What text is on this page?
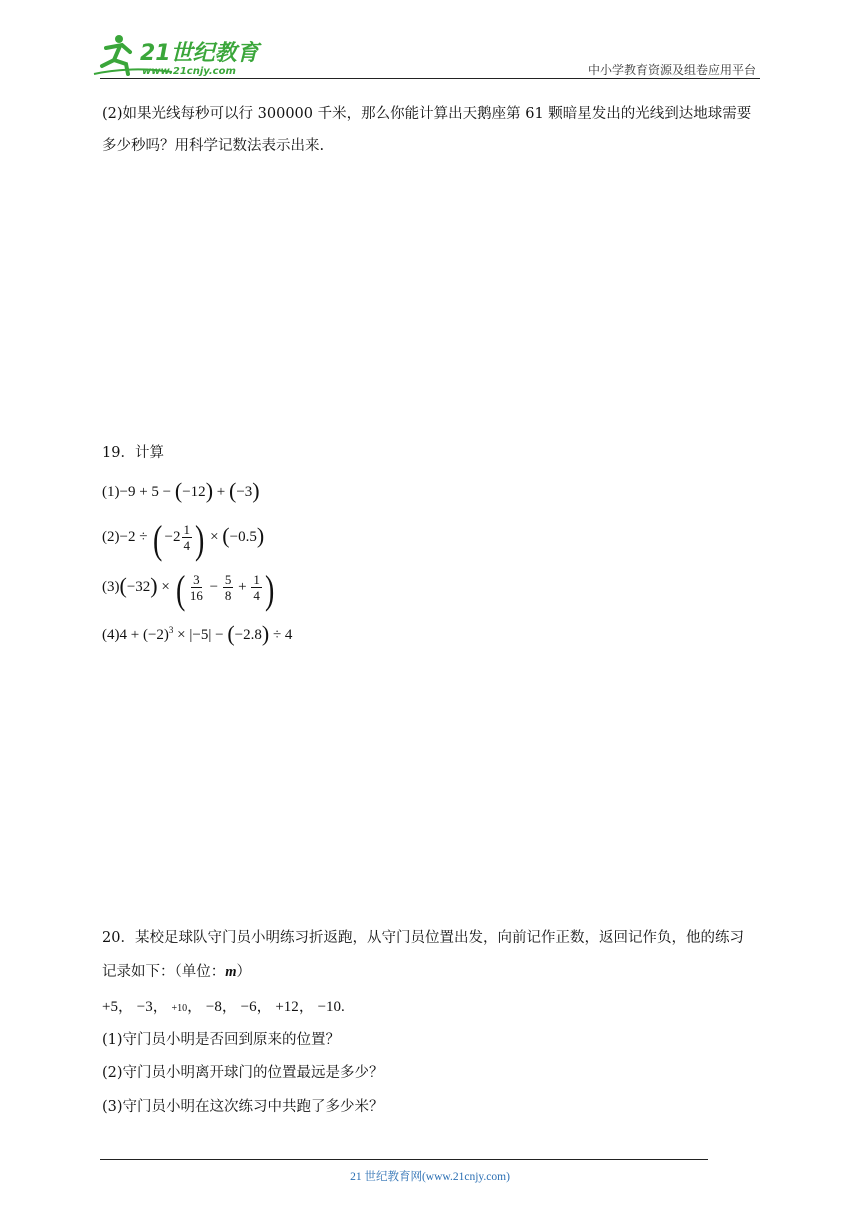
21世纪教育
www.21cnjy.com	中小学教育资源及组卷应用平台
(2)如果光线每秒可以行 300000 千米，那么你能计算出天鹅座第 61 颗暗星发出的光线到达地球需要
多少秒吗？用科学记数法表示出来.
19．计算
(1)−9 + 5 − (−12) + (−3)
(2)−2 ÷ ( $-2 \frac{1}{4}$ ) × (−0.5)
(3)(−32) × ( $\frac{3}{16} - \frac{5}{8} + \frac{1}{4}$ )
$(4)4 + (-2)^3 \times |-5| - (-2.8) \div 4$
20．某校足球队守门员小明练习折返跑，从守门员位置出发，向前记作正数，返回记作负，他的练习
记录如下：（单位：m）
+5， −3， +10， −8， −6， +12， −10.
(1)守门员小明是否回到原来的位置？
(2)守门员小明离开球门的位置最远是多少？
(3)守门员小明在这次练习中共跑了多少米？
21 世纪教育网(www.21cnjy.com)
